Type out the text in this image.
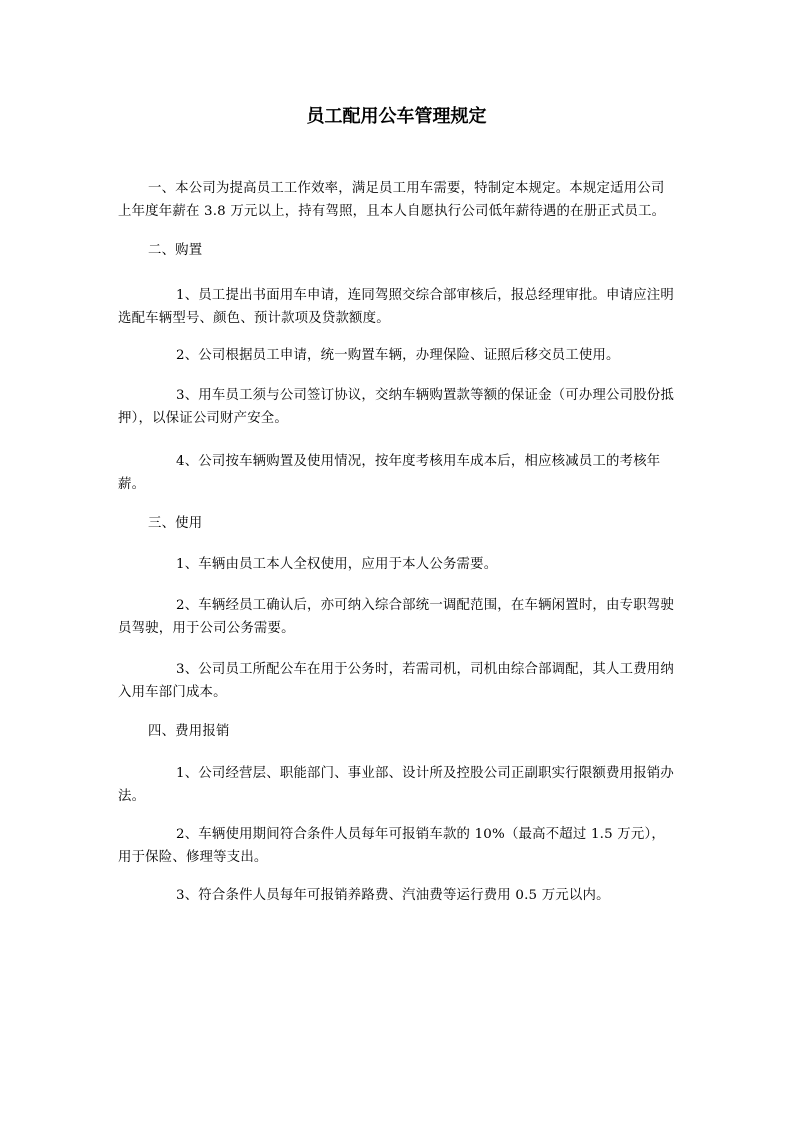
员工配用公车管理规定

一、本公司为提高员工工作效率，满足员工用车需要，特制定本规定。本规定适用公司上年度年薪在 3.8 万元以上，持有驾照，且本人自愿执行公司低年薪待遇的在册正式员工。

二、购置

1、员工提出书面用车申请，连同驾照交综合部审核后，报总经理审批。申请应注明选配车辆型号、颜色、预计款项及贷款额度。

2、公司根据员工申请，统一购置车辆，办理保险、证照后移交员工使用。

3、用车员工须与公司签订协议，交纳车辆购置款等额的保证金（可办理公司股份抵押），以保证公司财产安全。

4、公司按车辆购置及使用情况，按年度考核用车成本后，相应核减员工的考核年薪。

三、使用

1、车辆由员工本人全权使用，应用于本人公务需要。

2、车辆经员工确认后，亦可纳入综合部统一调配范围，在车辆闲置时，由专职驾驶员驾驶，用于公司公务需要。

3、公司员工所配公车在用于公务时，若需司机，司机由综合部调配，其人工费用纳入用车部门成本。

四、费用报销

1、公司经营层、职能部门、事业部、设计所及控股公司正副职实行限额费用报销办法。

2、车辆使用期间符合条件人员每年可报销车款的 10%（最高不超过 1.5 万元），用于保险、修理等支出。

3、符合条件人员每年可报销养路费、汽油费等运行费用 0.5 万元以内。
